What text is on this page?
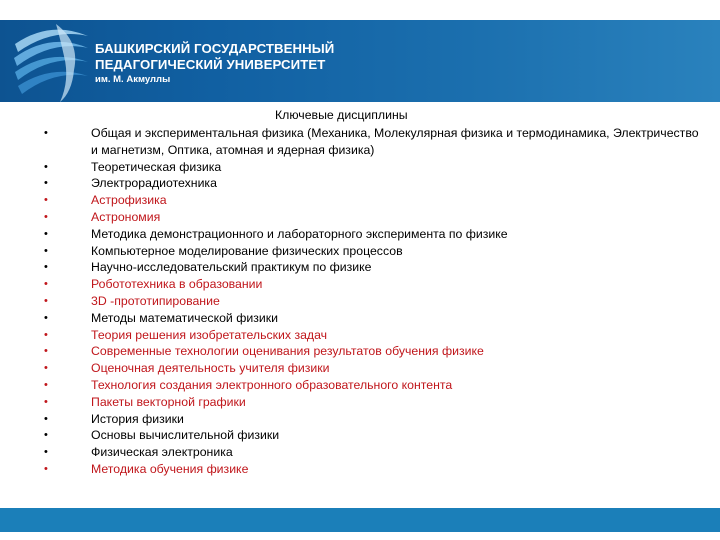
БАШКИРСКИЙ ГОСУДАРСТВЕННЫЙ
ПЕДАГОГИЧЕСКИЙ УНИВЕРСИТЕТ
им. М. Акмуллы
Ключевые дисциплины
•	Общая и экспериментальная физика (Механика, Молекулярная физика и термодинамика, Электричество и магнетизм, Оптика, атомная и ядерная физика)
•	Теоретическая физика
•	Электрорадиотехника
•	Астрофизика
•	Астрономия
•	Методика демонстрационного и лабораторного эксперимента по физике
•	Компьютерное моделирование физических процессов
•	Научно-исследовательский практикум по физике
•	Робототехника в образовании
•	3D -прототипирование
•	Методы математической физики
•	Теория решения изобретательских задач
•	Современные технологии оценивания результатов обучения физике
•	Оценочная деятельность учителя физики
•	Технология создания электронного образовательного контента
•	Пакеты векторной графики
•	История физики
•	Основы вычислительной физики
•	Физическая электроника
•	Методика обучения физике
